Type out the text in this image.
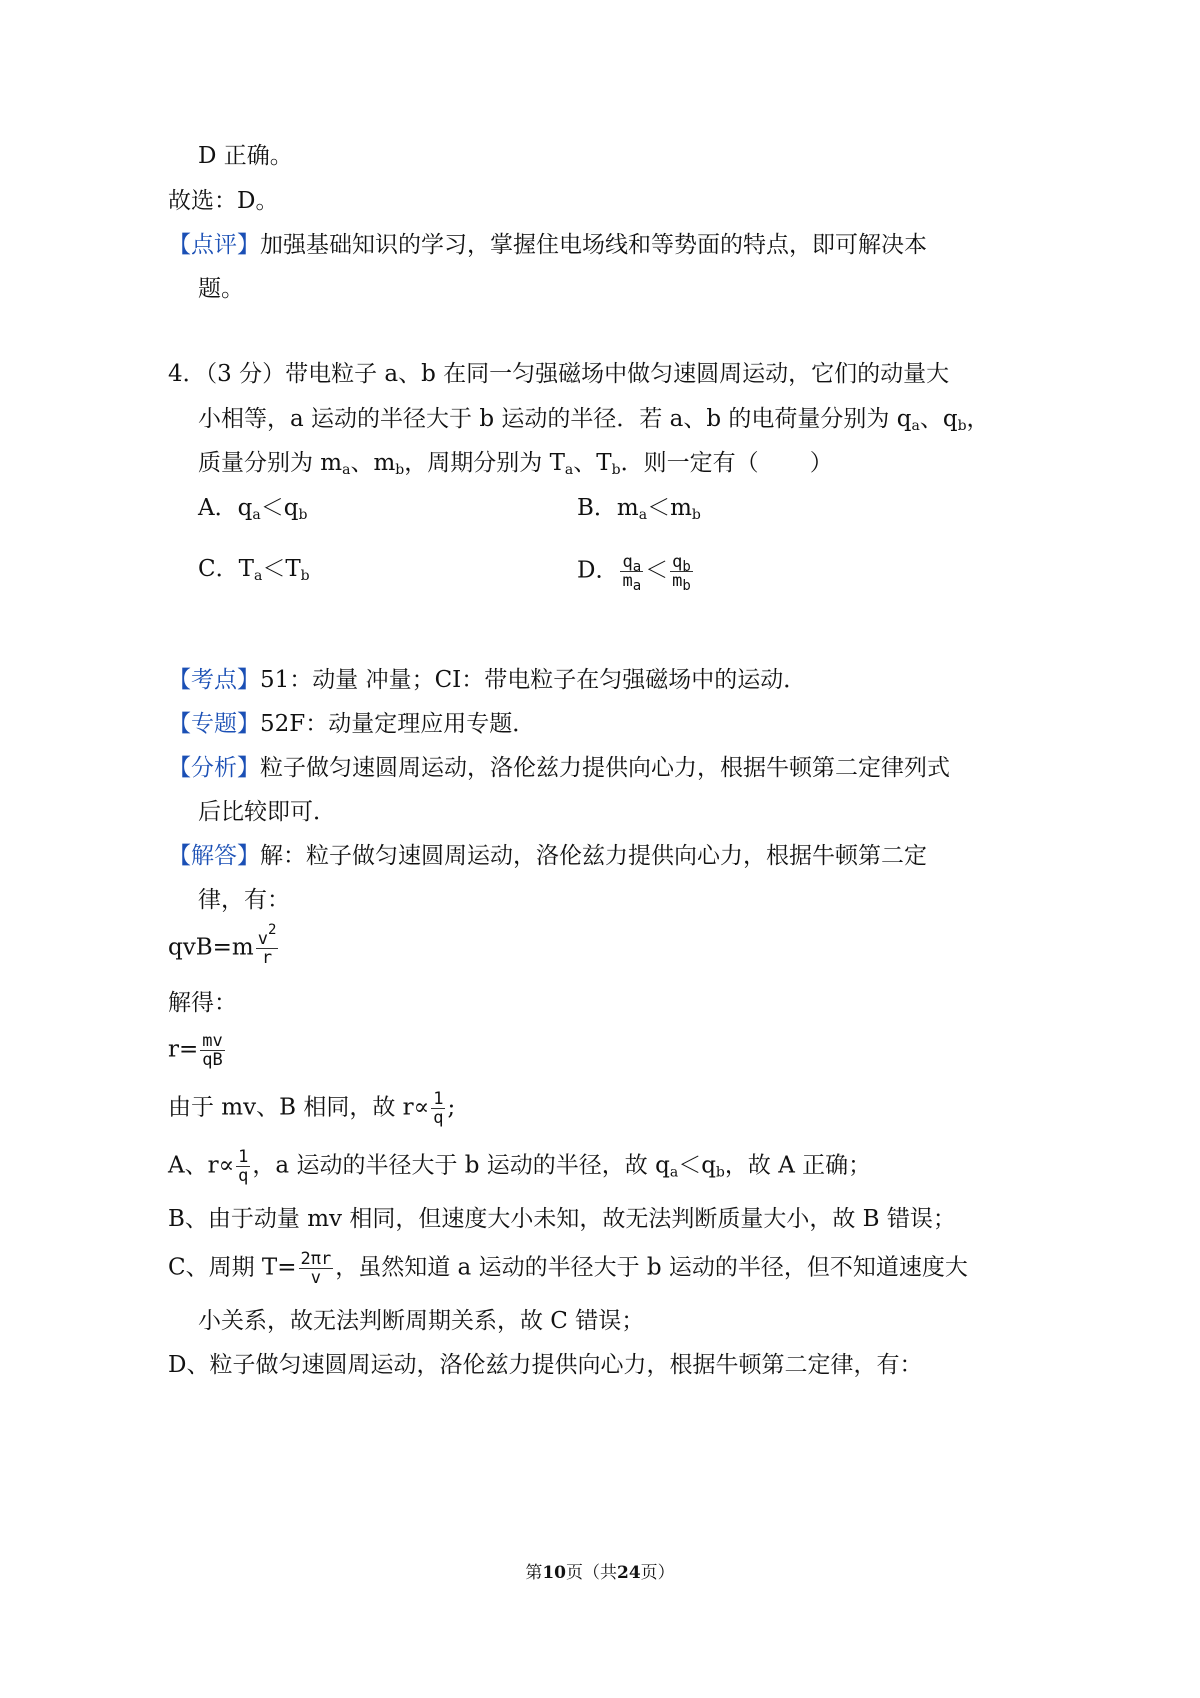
D 正确。
故选：D。
【点评】加强基础知识的学习，掌握住电场线和等势面的特点，即可解决本
题。
4．（3 分）带电粒子 a、b 在同一匀强磁场中做匀速圆周运动，它们的动量大
小相等，a 运动的半径大于 b 运动的半径．若 a、b 的电荷量分别为 $q_a$、$q_b$，
质量分别为 $m_a$、$m_b$，周期分别为 $T_a$、$T_b$．则一定有（       ）
A．$q_a<q_b$	B．$m_a<m_b$
C．$T_a<T_b$	D． $\frac{q_a}{m_a} < \frac{q_b}{m_b}$
【考点】51：动量 冲量；CI：带电粒子在匀强磁场中的运动．
【专题】52F：动量定理应用专题．
【分析】粒子做匀速圆周运动，洛伦兹力提供向心力，根据牛顿第二定律列式
后比较即可．
【解答】解：粒子做匀速圆周运动，洛伦兹力提供向心力，根据牛顿第二定
律，有：
$qvB=m \frac{v^2}{r}$
解得：
$r= \frac{mv}{qB}$
由于 mv、B 相同，故 $r\propto \frac{1}{q}$ ;
A、$r\propto \frac{1}{q}$ ，a 运动的半径大于 b 运动的半径，故 $q_a<q_b$，故 A 正确；
B、由于动量 mv 相同，但速度大小未知，故无法判断质量大小，故 B 错误；
C、周期 $T= \frac{2\pi r}{v}$ ，虽然知道 a 运动的半径大于 b 运动的半径，但不知道速度大
小关系，故无法判断周期关系，故 C 错误；
D、粒子做匀速圆周运动，洛伦兹力提供向心力，根据牛顿第二定律，有：
第10页（共24页）
